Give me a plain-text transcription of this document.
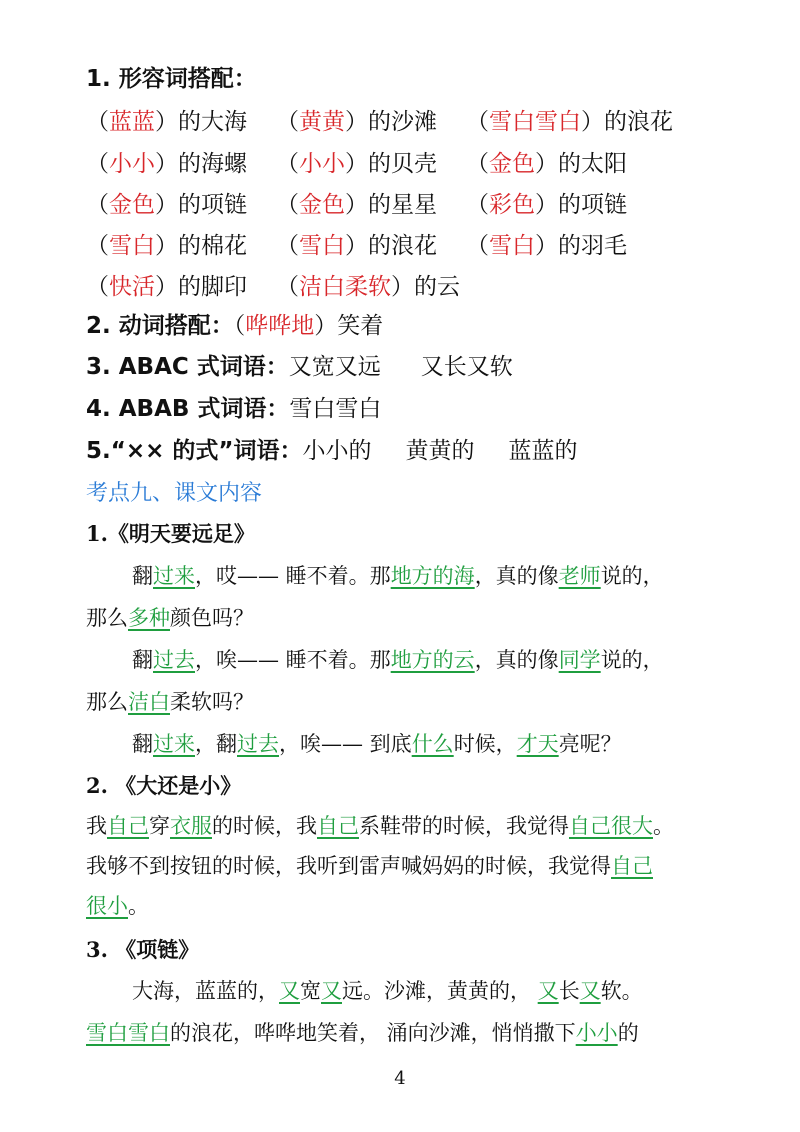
1. 形容词搭配：
（蓝蓝）的大海 （黄黄）的沙滩 （雪白雪白）的浪花
（小小）的海螺 （小小）的贝壳 （金色）的太阳
（金色）的项链 （金色）的星星 （彩色）的项链
（雪白）的棉花 （雪白）的浪花 （雪白）的羽毛
（快活）的脚印 （洁白柔软）的云
2. 动词搭配：（哗哗地）笑着
3. ABAC 式词语：又宽又远 又长又软
4. ABAB 式词语：雪白雪白
5.“×× 的式”词语：小小的 黄黄的 蓝蓝的
考点九、课文内容
1.《明天要远足》
翻过来，哎—— 睡不着。那地方的海，真的像老师说的，
那么多种颜色吗？
翻过去，唉—— 睡不着。那地方的云，真的像同学说的，
那么洁白柔软吗？
翻过来，翻过去，唉—— 到底什么时候，才天亮呢？
2. 《大还是小》
我自己穿衣服的时候，我自己系鞋带的时候，我觉得自己很大。
我够不到按钮的时候，我听到雷声喊妈妈的时候，我觉得自己
很小。
3. 《项链》
大海，蓝蓝的，又宽又远。沙滩，黄黄的， 又长又软。
雪白雪白的浪花，哗哗地笑着， 涌向沙滩，悄悄撒下小小的
4
